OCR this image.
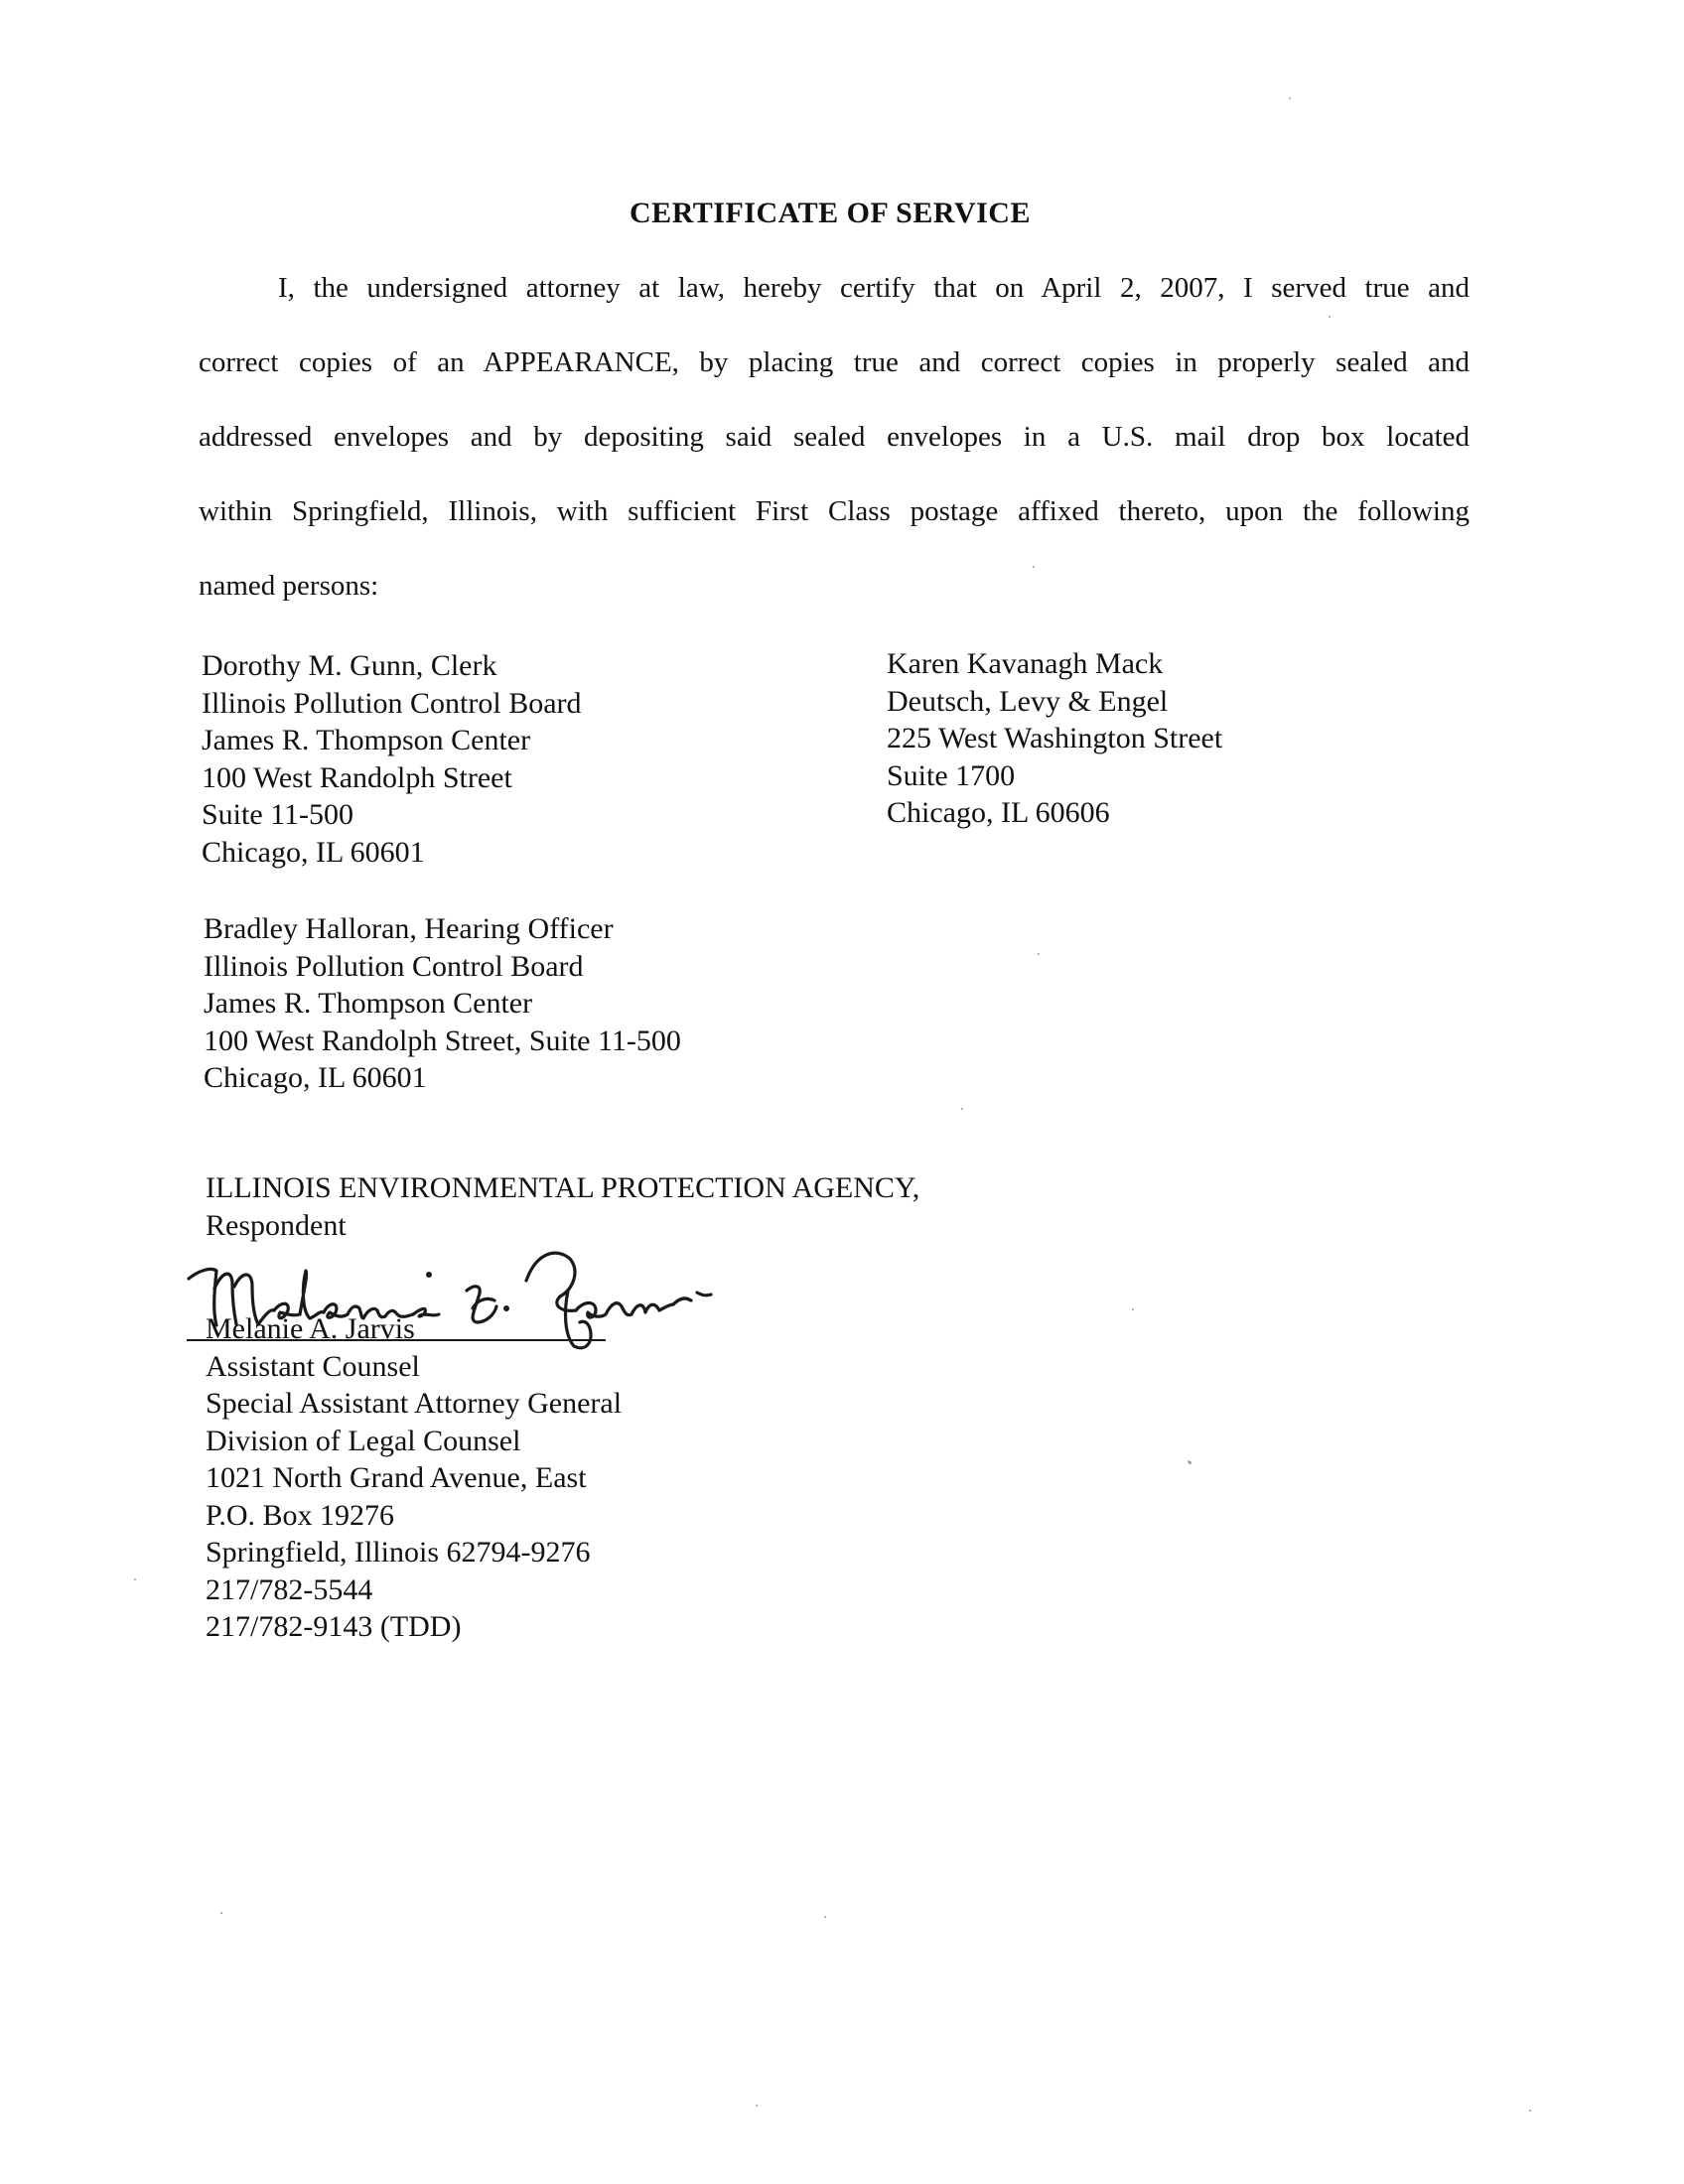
CERTIFICATE OF SERVICE
I, the undersigned attorney at law, hereby certify that on April 2, 2007, I served true and
correct copies of an APPEARANCE, by placing true and correct copies in properly sealed and
addressed envelopes and by depositing said sealed envelopes in a U.S. mail drop box located
within Springfield, Illinois, with sufficient First Class postage affixed thereto, upon the following
named persons:
Dorothy M. Gunn, Clerk
Illinois Pollution Control Board
James R. Thompson Center
100 West Randolph Street
Suite 11-500
Chicago, IL 60601
Karen Kavanagh Mack
Deutsch, Levy & Engel
225 West Washington Street
Suite 1700
Chicago, IL 60606
Bradley Halloran, Hearing Officer
Illinois Pollution Control Board
James R. Thompson Center
100 West Randolph Street, Suite 11-500
Chicago, IL 60601
ILLINOIS ENVIRONMENTAL PROTECTION AGENCY,
Respondent
Melanie A. Jarvis
Assistant Counsel
Special Assistant Attorney General
Division of Legal Counsel
1021 North Grand Avenue, East
P.O. Box 19276
Springfield, Illinois 62794-9276
217/782-5544
217/782-9143 (TDD)
